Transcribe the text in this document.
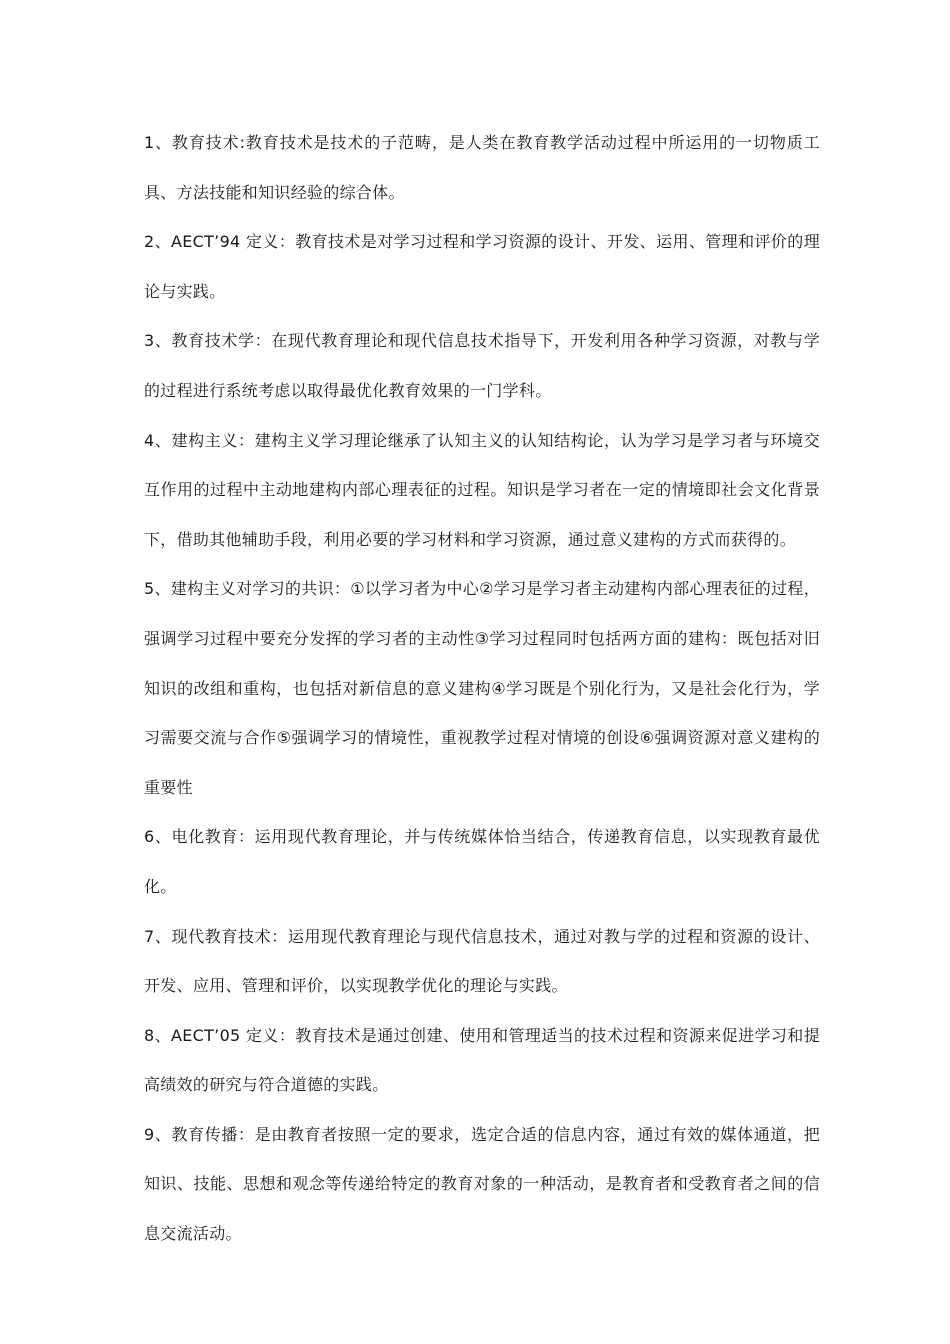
1、教育技术:教育技术是技术的子范畴，是人类在教育教学活动过程中所运用的一切物质工具、方法技能和知识经验的综合体。

2、AECT’94 定义：教育技术是对学习过程和学习资源的设计、开发、运用、管理和评价的理论与实践。

3、教育技术学：在现代教育理论和现代信息技术指导下，开发利用各种学习资源，对教与学的过程进行系统考虑以取得最优化教育效果的一门学科。

4、建构主义：建构主义学习理论继承了认知主义的认知结构论，认为学习是学习者与环境交互作用的过程中主动地建构内部心理表征的过程。知识是学习者在一定的情境即社会文化背景下，借助其他辅助手段，利用必要的学习材料和学习资源，通过意义建构的方式而获得的。

5、建构主义对学习的共识：①以学习者为中心②学习是学习者主动建构内部心理表征的过程，强调学习过程中要充分发挥的学习者的主动性③学习过程同时包括两方面的建构：既包括对旧知识的改组和重构，也包括对新信息的意义建构④学习既是个别化行为，又是社会化行为，学习需要交流与合作⑤强调学习的情境性，重视教学过程对情境的创设⑥强调资源对意义建构的重要性

6、电化教育：运用现代教育理论，并与传统媒体恰当结合，传递教育信息，以实现教育最优化。

7、现代教育技术：运用现代教育理论与现代信息技术，通过对教与学的过程和资源的设计、开发、应用、管理和评价，以实现教学优化的理论与实践。

8、AECT’05 定义：教育技术是通过创建、使用和管理适当的技术过程和资源来促进学习和提高绩效的研究与符合道德的实践。

9、教育传播：是由教育者按照一定的要求，选定合适的信息内容，通过有效的媒体通道，把知识、技能、思想和观念等传递给特定的教育对象的一种活动，是教育者和受教育者之间的信息交流活动。
